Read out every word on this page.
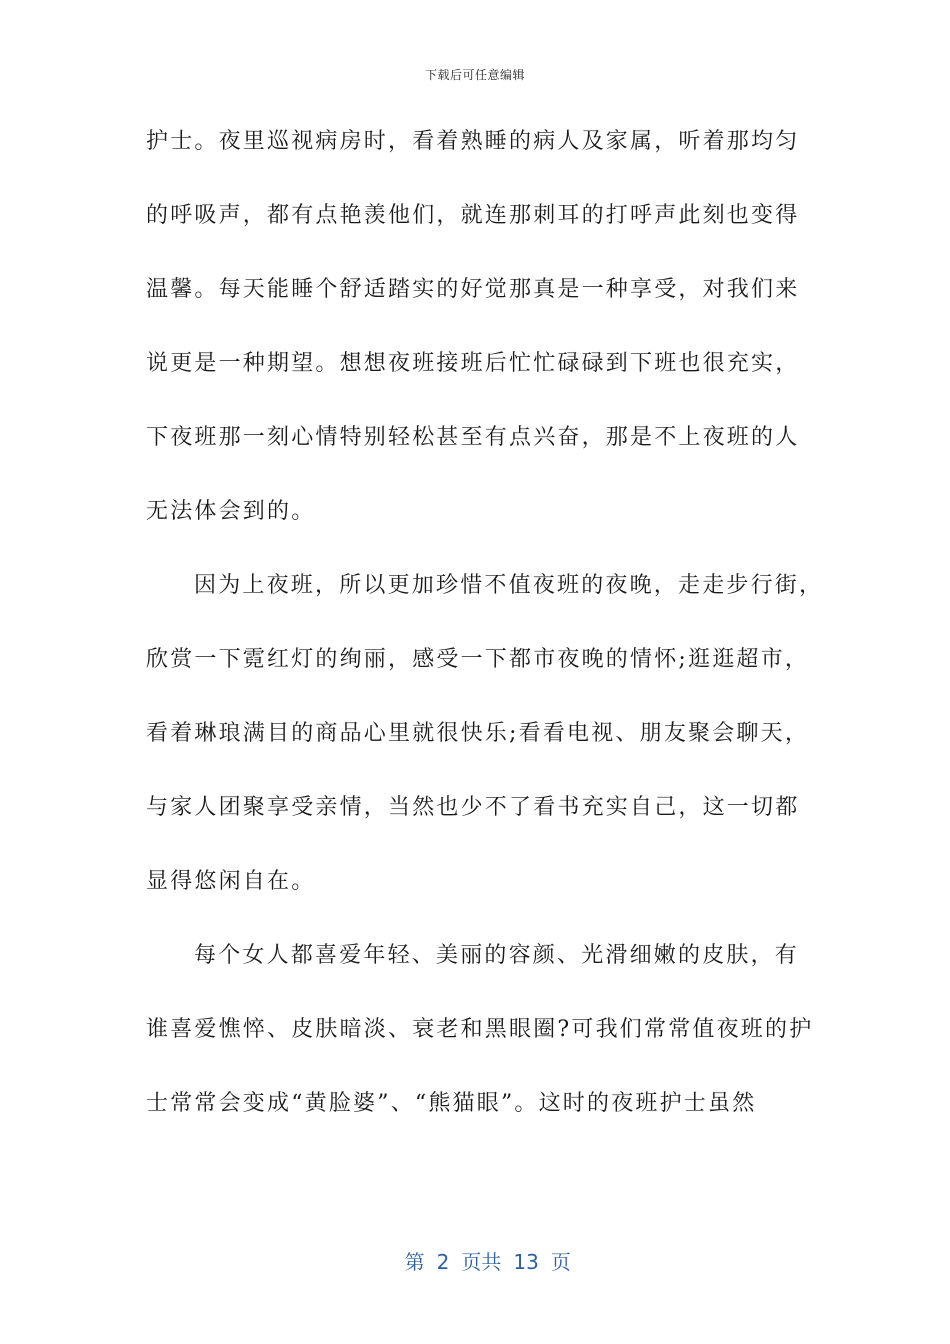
下载后可任意编辑
护士。夜里巡视病房时，看着熟睡的病人及家属，听着那均匀
的呼吸声，都有点艳羡他们，就连那刺耳的打呼声此刻也变得
温馨。每天能睡个舒适踏实的好觉那真是一种享受，对我们来
说更是一种期望。想想夜班接班后忙忙碌碌到下班也很充实，
下夜班那一刻心情特别轻松甚至有点兴奋，那是不上夜班的人
无法体会到的。
因为上夜班，所以更加珍惜不值夜班的夜晚，走走步行街，
欣赏一下霓红灯的绚丽，感受一下都市夜晚的情怀;逛逛超市，
看着琳琅满目的商品心里就很快乐;看看电视、朋友聚会聊天，
与家人团聚享受亲情，当然也少不了看书充实自己，这一切都
显得悠闲自在。
每个女人都喜爱年轻、美丽的容颜、光滑细嫩的皮肤，有
谁喜爱憔悴、皮肤暗淡、衰老和黑眼圈?可我们常常值夜班的护
士常常会变成“黄脸婆”、“熊猫眼”。这时的夜班护士虽然

第 2 页共 13 页
